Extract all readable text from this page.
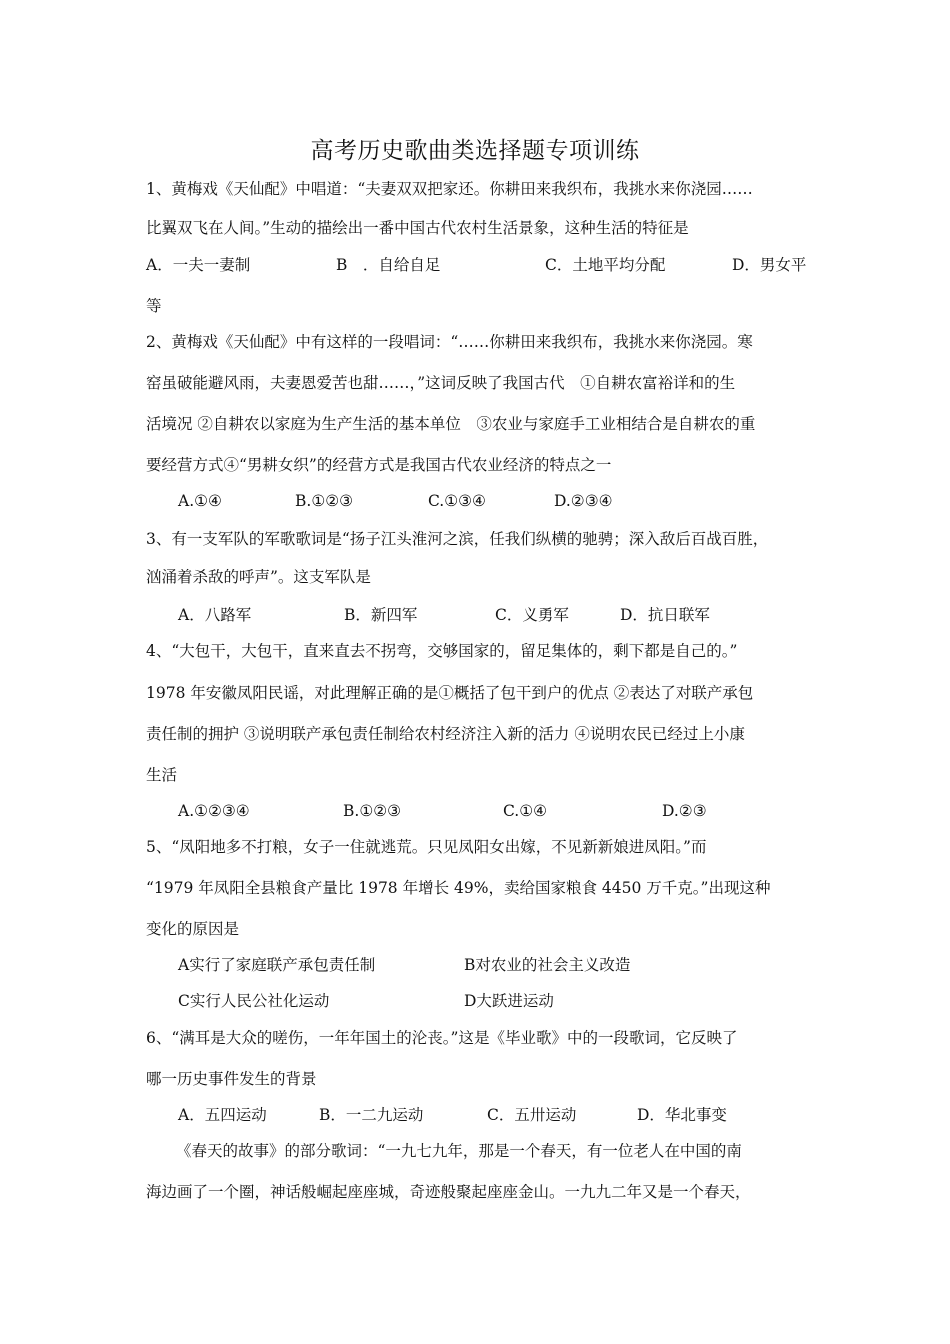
高考历史歌曲类选择题专项训练
1、黄梅戏《天仙配》中唱道：“夫妻双双把家还。你耕田来我织布，我挑水来你浇园……
比翼双飞在人间。”生动的描绘出一番中国古代农村生活景象，这种生活的特征是
A．一夫一妻制	B　．自给自足	C．土地平均分配	D．男女平
等
2、黄梅戏《天仙配》中有这样的一段唱词：“……你耕田来我织布，我挑水来你浇园。寒
窑虽破能避风雨，夫妻恩爱苦也甜……，”这词反映了我国古代　①自耕农富裕详和的生
活境况 ②自耕农以家庭为生产生活的基本单位　③农业与家庭手工业相结合是自耕农的重
要经营方式④“男耕女织”的经营方式是我国古代农业经济的特点之一
A.①④	B.①②③	C.①③④	D.②③④
3、有一支军队的军歌歌词是“扬子江头淮河之滨，任我们纵横的驰骋；深入敌后百战百胜，
汹涌着杀敌的呼声”。这支军队是
A．八路军	B．新四军	C．义勇军	D．抗日联军
4、“大包干，大包干，直来直去不拐弯，交够国家的，留足集体的，剩下都是自己的。”
1978 年安徽凤阳民谣，对此理解正确的是①概括了包干到户的优点 ②表达了对联产承包
责任制的拥护 ③说明联产承包责任制给农村经济注入新的活力 ④说明农民已经过上小康
生活
A.①②③④	B.①②③	C.①④	D.②③
5、“凤阳地多不打粮，女子一住就逃荒。只见凤阳女出嫁，不见新新娘进凤阳。”而
“1979 年凤阳全县粮食产量比 1978 年增长 49%，卖给国家粮食 4450 万千克。”出现这种
变化的原因是
A实行了家庭联产承包责任制	B对农业的社会主义改造
C实行人民公社化运动	D大跃进运动
6、“满耳是大众的嗟伤，一年年国土的沦丧。”这是《毕业歌》中的一段歌词，它反映了
哪一历史事件发生的背景
A．五四运动	B．一二九运动	C．五卅运动	D．华北事变
《春天的故事》的部分歌词：“一九七九年，那是一个春天，有一位老人在中国的南
海边画了一个圈，神话般崛起座座城，奇迹般聚起座座金山。一九九二年又是一个春天，
